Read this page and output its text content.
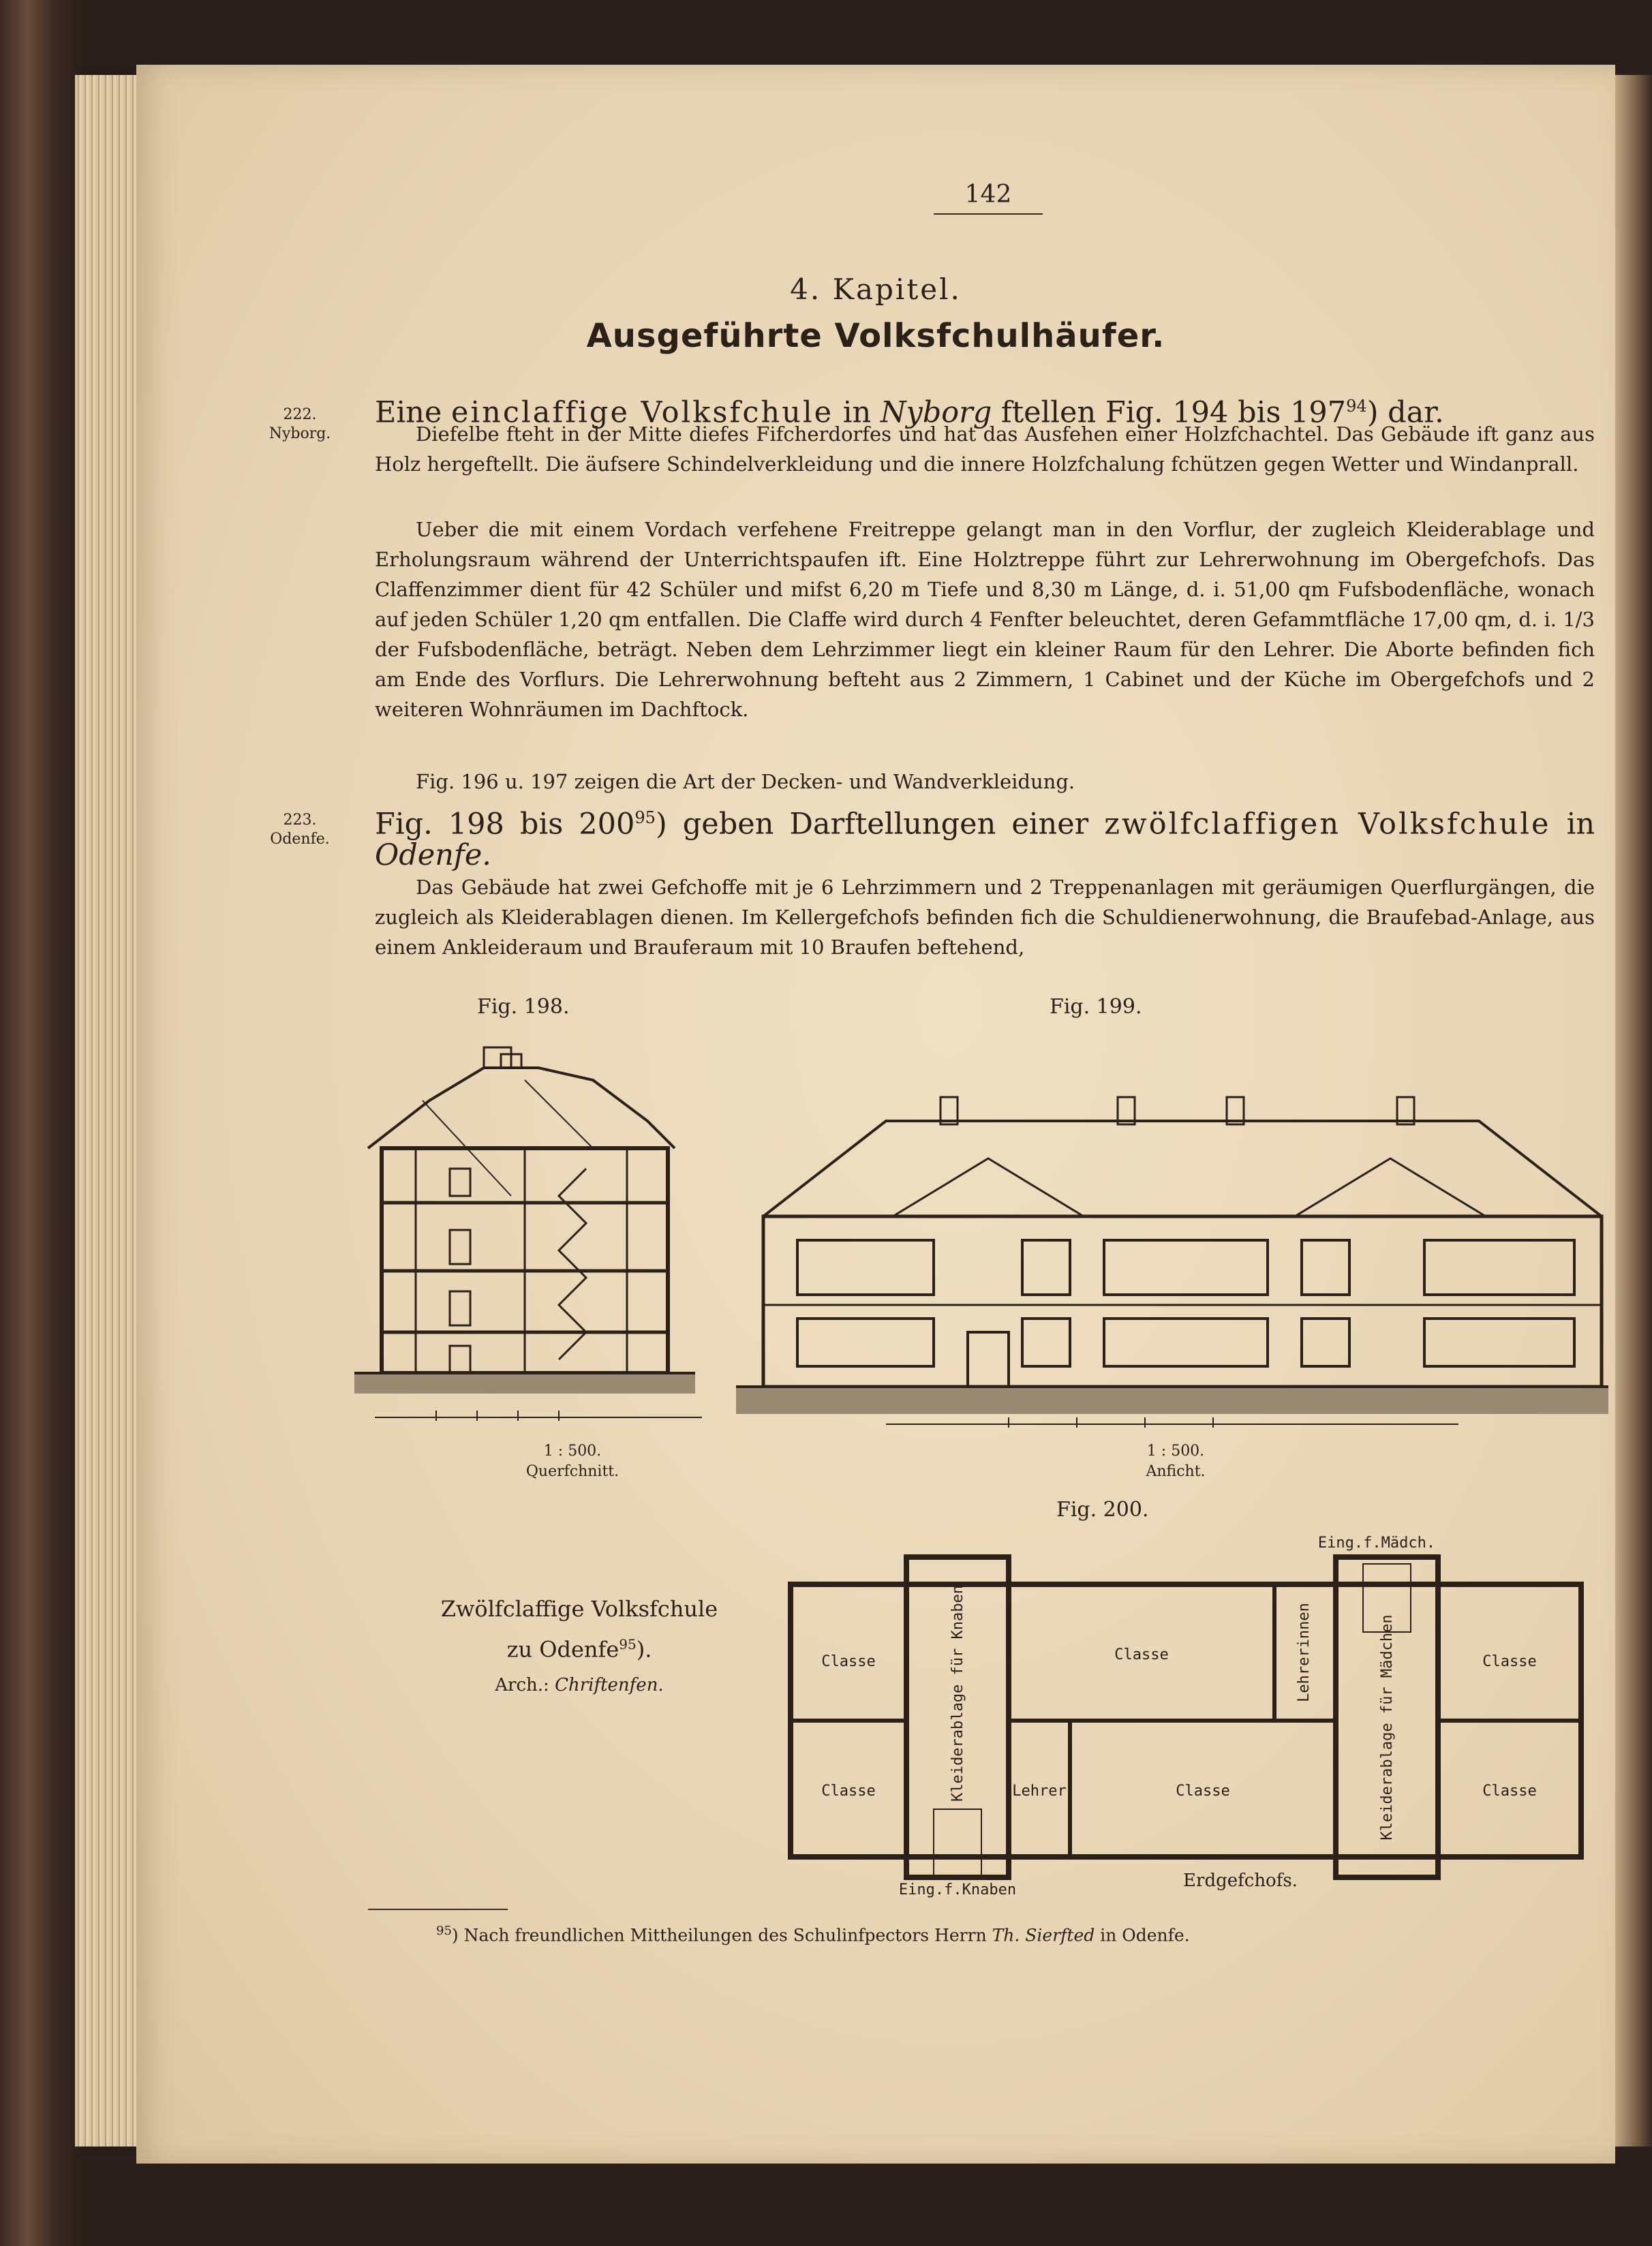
142
4. Kapitel.
Ausgeführte Volksfchulhäufer.
222.
Nyborg.
Eine einclaffige Volksfchule in Nyborg ftellen Fig. 194 bis $197^{94}$) dar.

Diefelbe fteht in der Mitte diefes Fifcherdorfes und hat das Ausfehen einer Holzfchachtel. Das Gebäude ift ganz aus Holz hergeftellt. Die äufsere Schindelverkleidung und die innere Holzfchalung fchützen gegen Wetter und Windanprall.

Ueber die mit einem Vordach verfehene Freitreppe gelangt man in den Vorflur, der zugleich Kleiderablage und Erholungsraum während der Unterrichtspaufen ift. Eine Holztreppe führt zur Lehrerwohnung im Obergefchofs. Das Claffenzimmer dient für 42 Schüler und mifst 6,20 m Tiefe und 8,30 m Länge, d. i. 51,00 qm Fufsbodenfläche, wonach auf jeden Schüler 1,20 qm entfallen. Die Claffe wird durch 4 Fenfter beleuchtet, deren Gefammtfläche 17,00 qm, d. i. 1/3 der Fufsbodenfläche, beträgt. Neben dem Lehrzimmer liegt ein kleiner Raum für den Lehrer. Die Aborte befinden fich am Ende des Vorflurs. Die Lehrerwohnung befteht aus 2 Zimmern, 1 Cabinet und der Küche im Obergefchofs und 2 weiteren Wohnräumen im Dachftock.

Fig. 196 u. 197 zeigen die Art der Decken- und Wandverkleidung.

223.
Odenfe.	Fig. 198 bis $200^{95}$) geben Darftellungen einer zwölfclaffigen Volksfchule in Odenfe.

Das Gebäude hat zwei Gefchoffe mit je 6 Lehrzimmern und 2 Treppenanlagen mit geräumigen Querflurgängen, die zugleich als Kleiderablagen dienen. Im Kellergefchofs befinden fich die Schuldienerwohnung, die Braufebad-Anlage, aus einem Ankleideraum und Brauferaum mit 10 Braufen beftehend,

Fig. 198.	Fig. 199.
1 : 500.
Querfchnitt.
1 : 500.
Anficht.
Fig. 200.
Zwölfclaffige Volksfchule
zu Odenfe$^{95}$).
Arch.: Chriftenfen.
Classe
Classe
Classe
Lehrer	Classe
Classe
Classe
Lehrerinnen
Kleiderablage für Knaben	Kleiderablage für Mädchen
Eing.f.Mädch.
Eing.f.Knaben	Erdgefchofs.
$^{95}$) Nach freundlichen Mittheilungen des Schulinfpectors Herrn Th. Sierfted in Odenfe.
